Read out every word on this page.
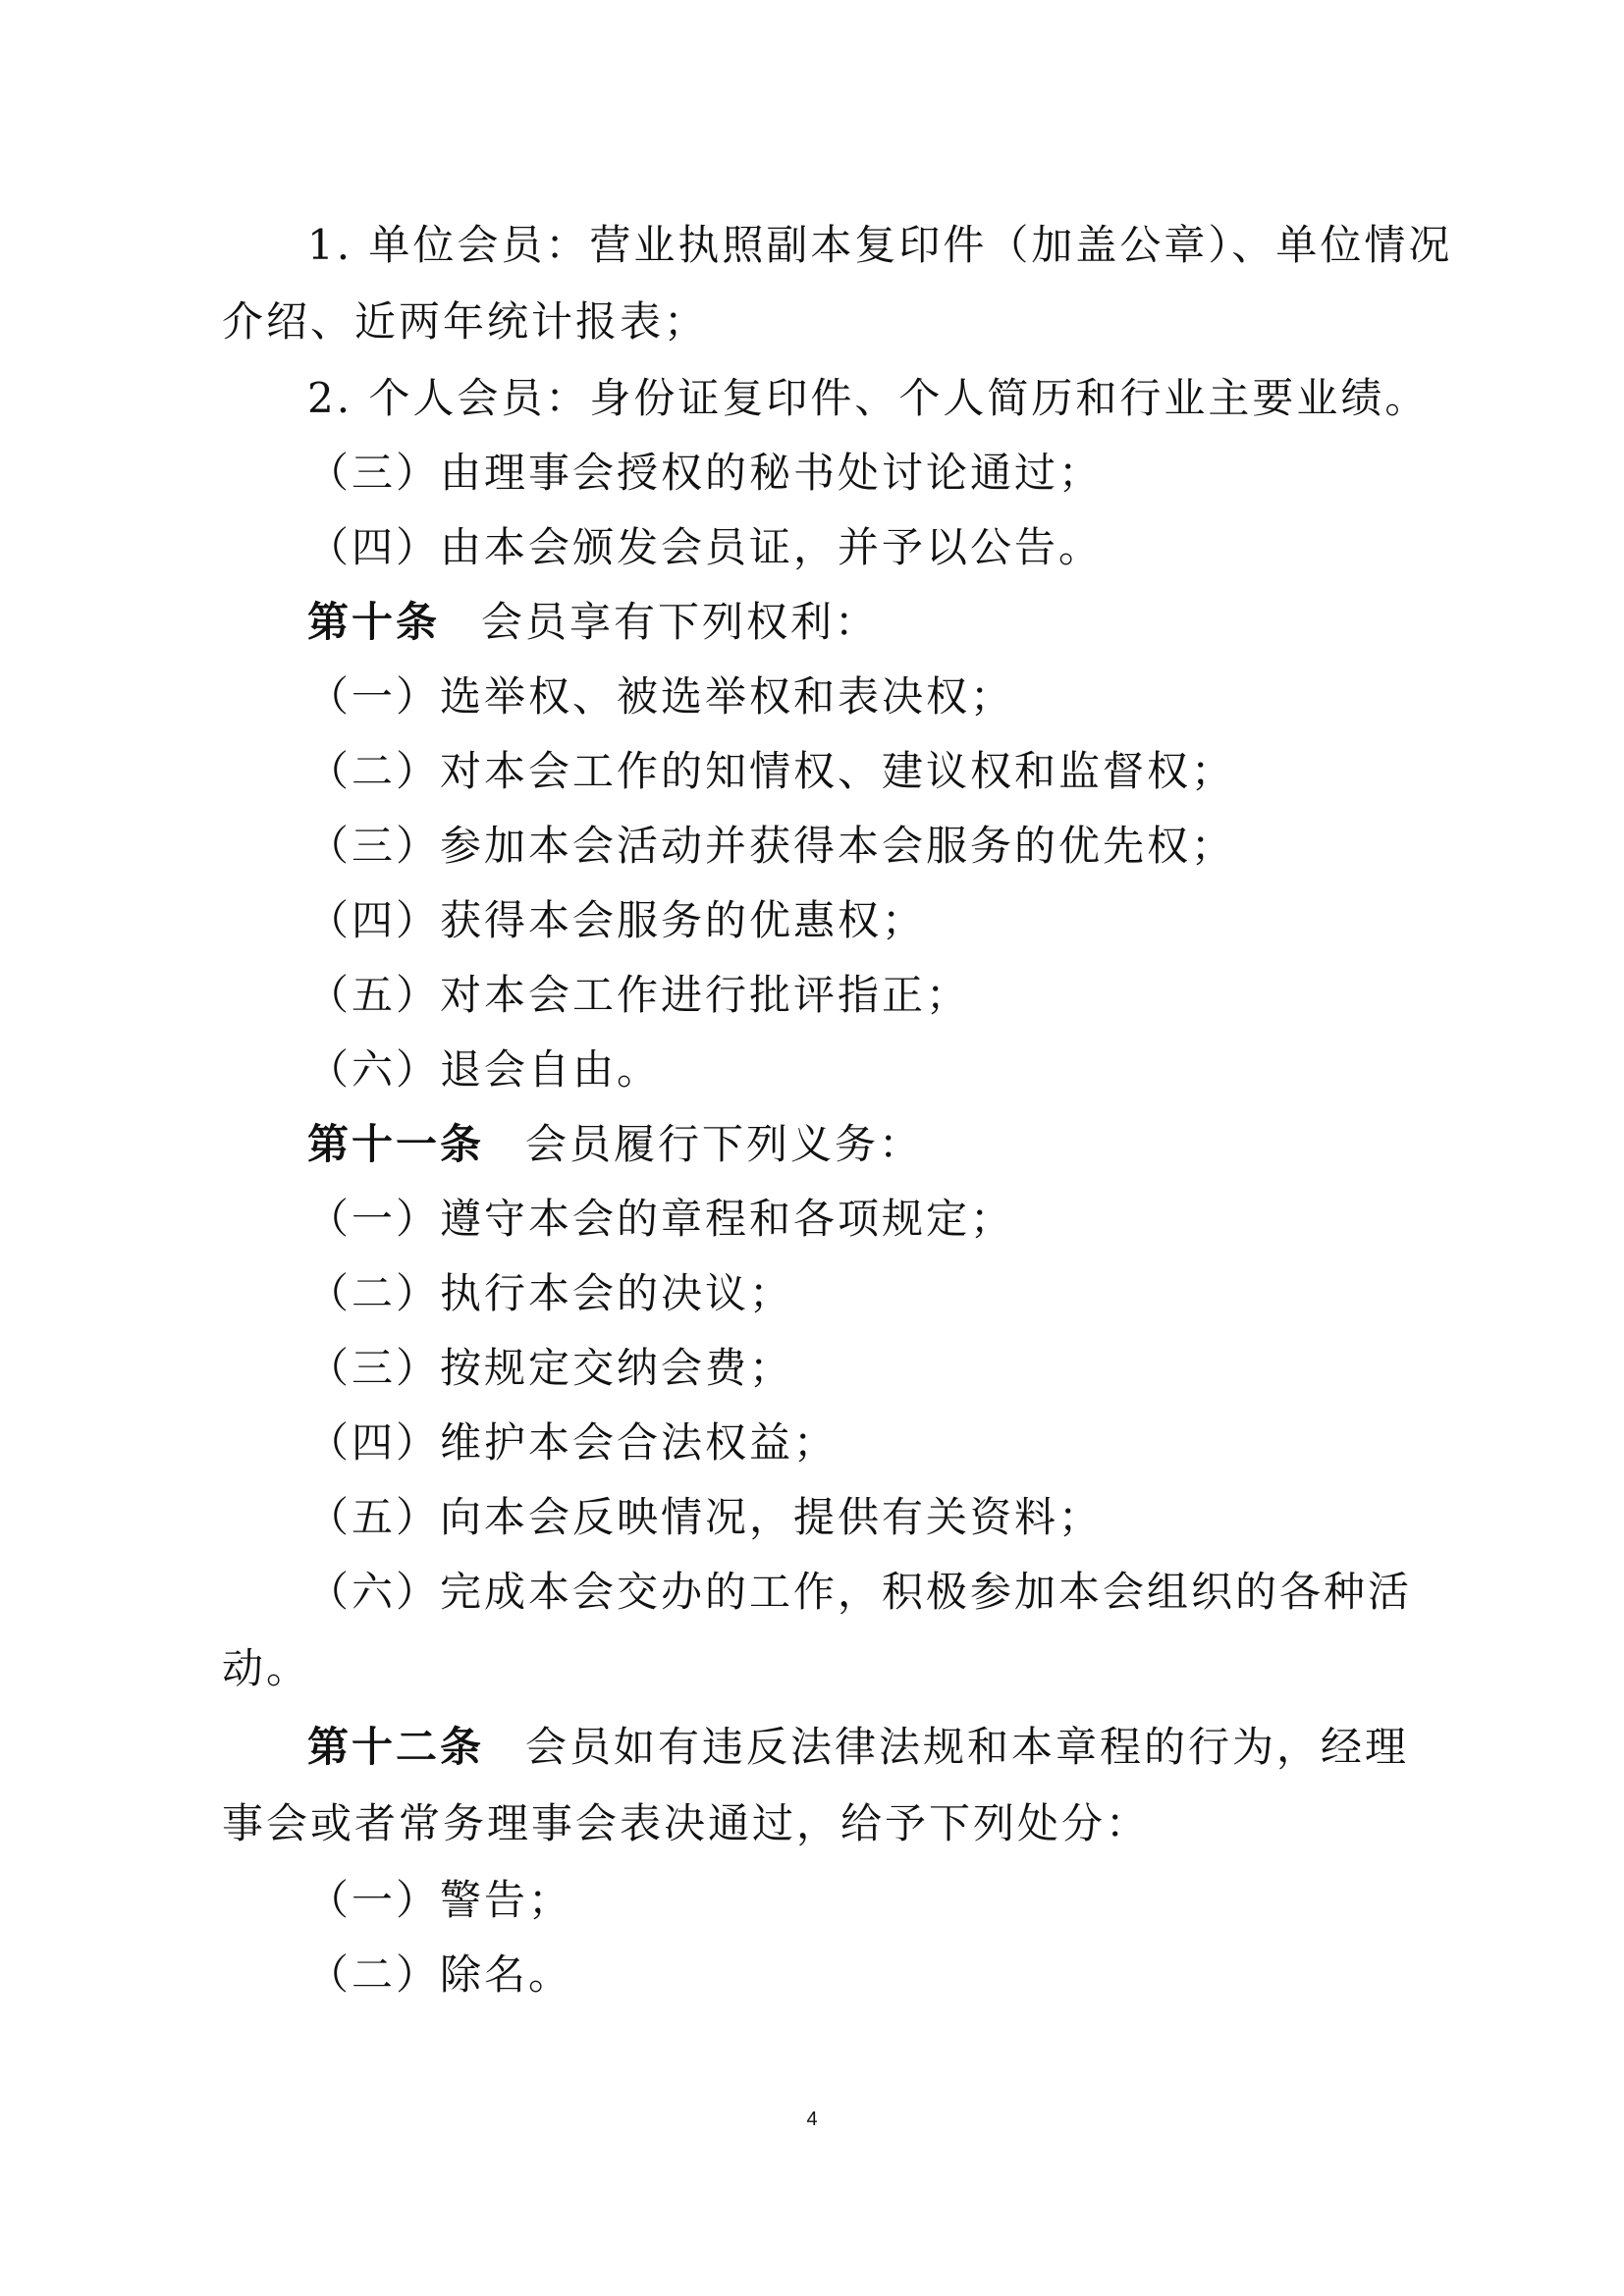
1. 单位会员：营业执照副本复印件（加盖公章）、单位情况
介绍、近两年统计报表；
2. 个人会员：身份证复印件、个人简历和行业主要业绩。
（三）由理事会授权的秘书处讨论通过；
（四）由本会颁发会员证，并予以公告。
第十条 会员享有下列权利：
（一）选举权、被选举权和表决权；
（二）对本会工作的知情权、建议权和监督权；
（三）参加本会活动并获得本会服务的优先权；
（四）获得本会服务的优惠权；
（五）对本会工作进行批评指正；
（六）退会自由。
第十一条 会员履行下列义务：
（一）遵守本会的章程和各项规定；
（二）执行本会的决议；
（三）按规定交纳会费；
（四）维护本会合法权益；
（五）向本会反映情况，提供有关资料；
（六）完成本会交办的工作，积极参加本会组织的各种活
动。
第十二条 会员如有违反法律法规和本章程的行为，经理
事会或者常务理事会表决通过，给予下列处分：
（一）警告；
（二）除名。
4
